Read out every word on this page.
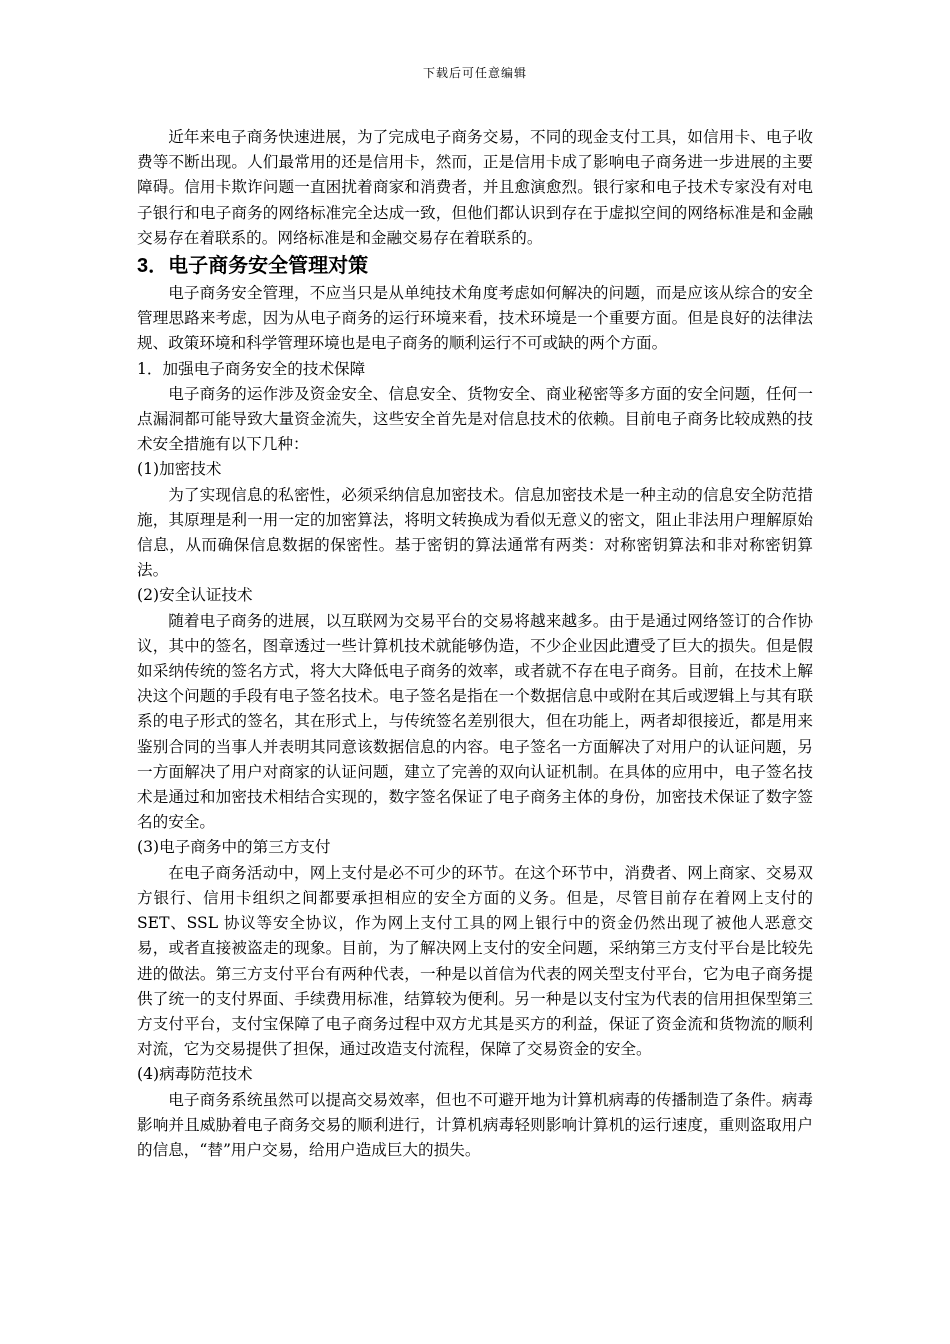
下载后可任意编辑

近年来电子商务快速进展，为了完成电子商务交易，不同的现金支付工具，如信用卡、电子收费等不断出现。人们最常用的还是信用卡，然而，正是信用卡成了影响电子商务进一步进展的主要障碍。信用卡欺诈问题一直困扰着商家和消费者，并且愈演愈烈。银行家和电子技术专家没有对电子银行和电子商务的网络标准完全达成一致，但他们都认识到存在于虚拟空间的网络标准是和金融交易存在着联系的。网络标准是和金融交易存在着联系的。

3．电子商务安全管理对策

电子商务安全管理，不应当只是从单纯技术角度考虑如何解决的问题，而是应该从综合的安全管理思路来考虑，因为从电子商务的运行环境来看，技术环境是一个重要方面。但是良好的法律法规、政策环境和科学管理环境也是电子商务的顺利运行不可或缺的两个方面。

1．加强电子商务安全的技术保障

电子商务的运作涉及资金安全、信息安全、货物安全、商业秘密等多方面的安全问题，任何一点漏洞都可能导致大量资金流失，这些安全首先是对信息技术的依赖。目前电子商务比较成熟的技术安全措施有以下几种：

(1)加密技术

为了实现信息的私密性，必须采纳信息加密技术。信息加密技术是一种主动的信息安全防范措施，其原理是利一用一定的加密算法，将明文转换成为看似无意义的密文，阻止非法用户理解原始信息，从而确保信息数据的保密性。基于密钥的算法通常有两类：对称密钥算法和非对称密钥算法。

(2)安全认证技术

随着电子商务的进展，以互联网为交易平台的交易将越来越多。由于是通过网络签订的合作协议，其中的签名，图章透过一些计算机技术就能够伪造，不少企业因此遭受了巨大的损失。但是假如采纳传统的签名方式，将大大降低电子商务的效率，或者就不存在电子商务。目前，在技术上解决这个问题的手段有电子签名技术。电子签名是指在一个数据信息中或附在其后或逻辑上与其有联系的电子形式的签名，其在形式上，与传统签名差别很大，但在功能上，两者却很接近，都是用来鉴别合同的当事人并表明其同意该数据信息的内容。电子签名一方面解决了对用户的认证问题，另一方面解决了用户对商家的认证问题，建立了完善的双向认证机制。在具体的应用中，电子签名技术是通过和加密技术相结合实现的，数字签名保证了电子商务主体的身份，加密技术保证了数字签名的安全。

(3)电子商务中的第三方支付

在电子商务活动中，网上支付是必不可少的环节。在这个环节中，消费者、网上商家、交易双方银行、信用卡组织之间都要承担相应的安全方面的义务。但是，尽管目前存在着网上支付的 SET、SSL 协议等安全协议，作为网上支付工具的网上银行中的资金仍然出现了被他人恶意交易，或者直接被盗走的现象。目前，为了解决网上支付的安全问题，采纳第三方支付平台是比较先进的做法。第三方支付平台有两种代表，一种是以首信为代表的网关型支付平台，它为电子商务提供了统一的支付界面、手续费用标准，结算较为便利。另一种是以支付宝为代表的信用担保型第三方支付平台，支付宝保障了电子商务过程中双方尤其是买方的利益，保证了资金流和货物流的顺利对流，它为交易提供了担保，通过改造支付流程，保障了交易资金的安全。

(4)病毒防范技术

电子商务系统虽然可以提高交易效率，但也不可避开地为计算机病毒的传播制造了条件。病毒影响并且威胁着电子商务交易的顺利进行，计算机病毒轻则影响计算机的运行速度，重则盗取用户的信息，“替”用户交易，给用户造成巨大的损失。
